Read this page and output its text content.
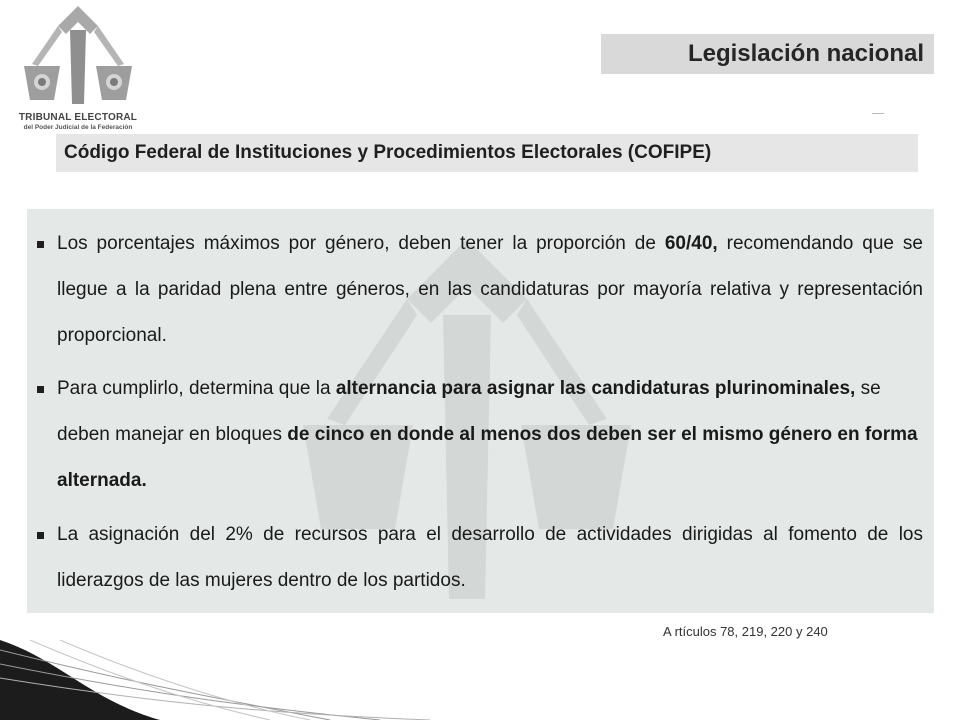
TRIBUNAL ELECTORAL
del Poder Judicial de la Federación
Legislación nacional
Código Federal de Instituciones y Procedimientos Electorales (COFIPE)
Los porcentajes máximos por género, deben tener la proporción de 60/40, recomendando que se llegue a la paridad plena entre géneros, en las candidaturas por mayoría relativa y representación proporcional.
Para cumplirlo, determina que la alternancia para asignar las candidaturas plurinominales, se deben manejar en bloques de cinco en donde al menos dos deben ser el mismo género en forma alternada.
La asignación del 2% de recursos para el desarrollo de actividades dirigidas al fomento de los liderazgos de las mujeres dentro de los partidos.
A rtículos 78, 219, 220 y 240
